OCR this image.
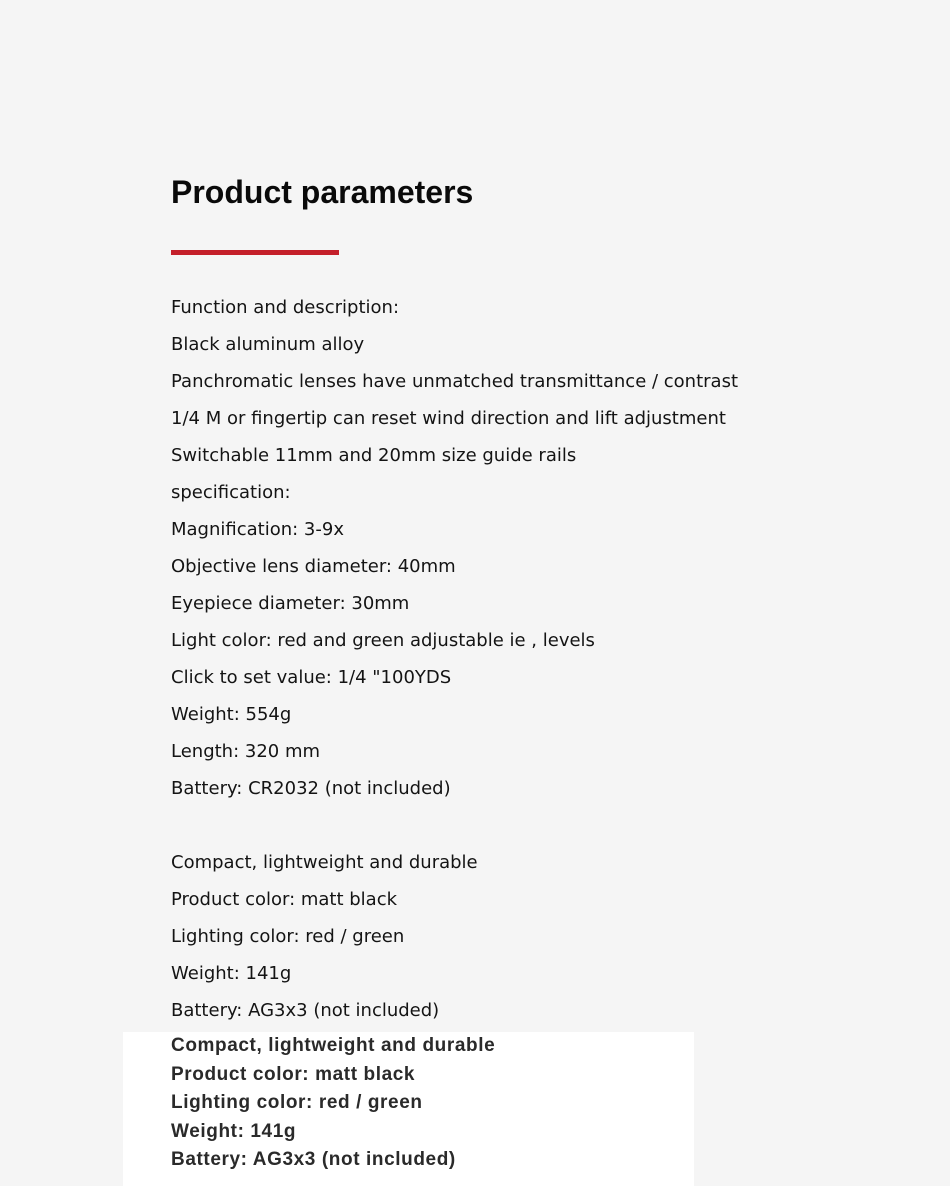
Product parameters
Function and description:
Black aluminum alloy
Panchromatic lenses have unmatched transmittance / contrast
1/4 M or fingertip can reset wind direction and lift adjustment
Switchable 11mm and 20mm size guide rails
specification:
Magnification: 3-9x
Objective lens diameter: 40mm
Eyepiece diameter: 30mm
Light color: red and green adjustable ie , levels
Click to set value: 1/4 "100YDS
Weight: 554g
Length: 320 mm
Battery: CR2032 (not included)
Compact, lightweight and durable
Product color: matt black
Lighting color: red / green
Weight: 141g
Battery: AG3x3 (not included)
Compact, lightweight and durable
Product color: matt black
Lighting color: red / green
Weight: 141g
Battery: AG3x3 (not included)
